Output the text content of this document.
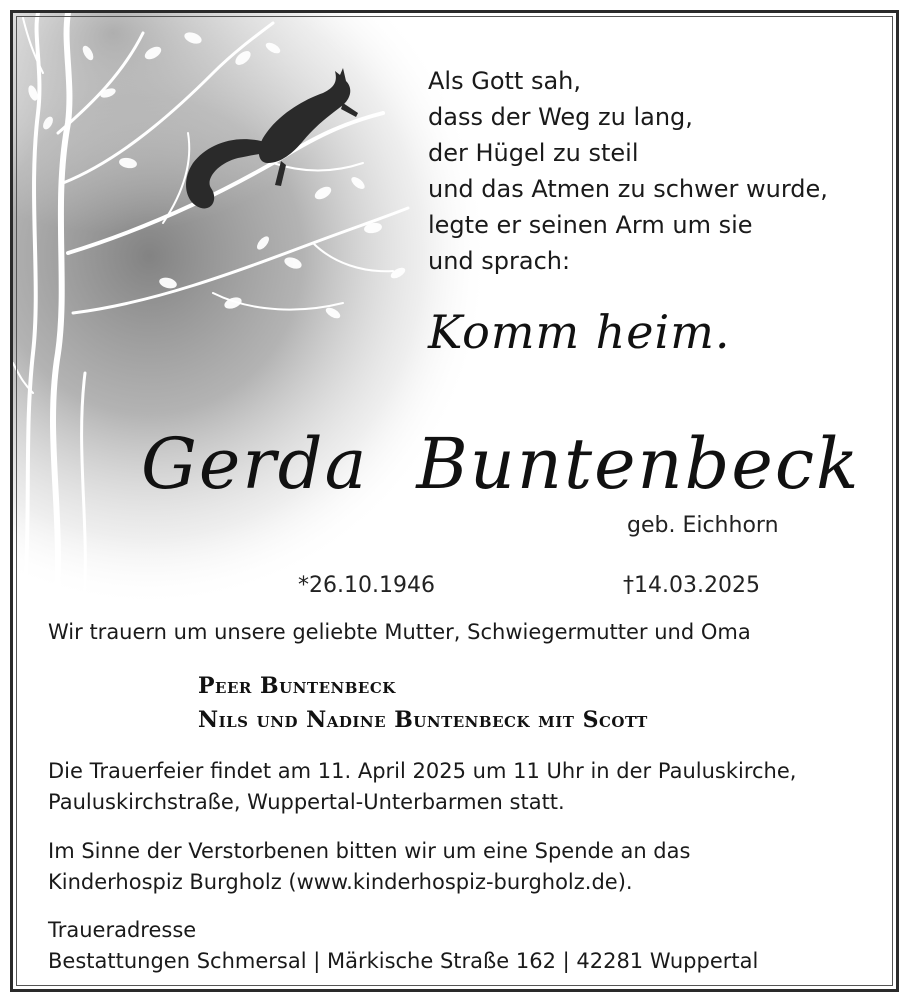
Als Gott sah,
dass der Weg zu lang,
der Hügel zu steil
und das Atmen zu schwer wurde,
legte er seinen Arm um sie
und sprach:
Komm heim.
Gerda Buntenbeck
geb. Eichhorn
*26.10.1946	†14.03.2025
Wir trauern um unsere geliebte Mutter, Schwiegermutter und Oma
Peer Buntenbeck
Nils und Nadine Buntenbeck mit Scott
Die Trauerfeier findet am 11. April 2025 um 11 Uhr in der Pauluskirche,
Pauluskirchstraße, Wuppertal-Unterbarmen statt.
Im Sinne der Verstorbenen bitten wir um eine Spende an das
Kinderhospiz Burgholz (www.kinderhospiz-burgholz.de).
Traueradresse
Bestattungen Schmersal | Märkische Straße 162 | 42281 Wuppertal
